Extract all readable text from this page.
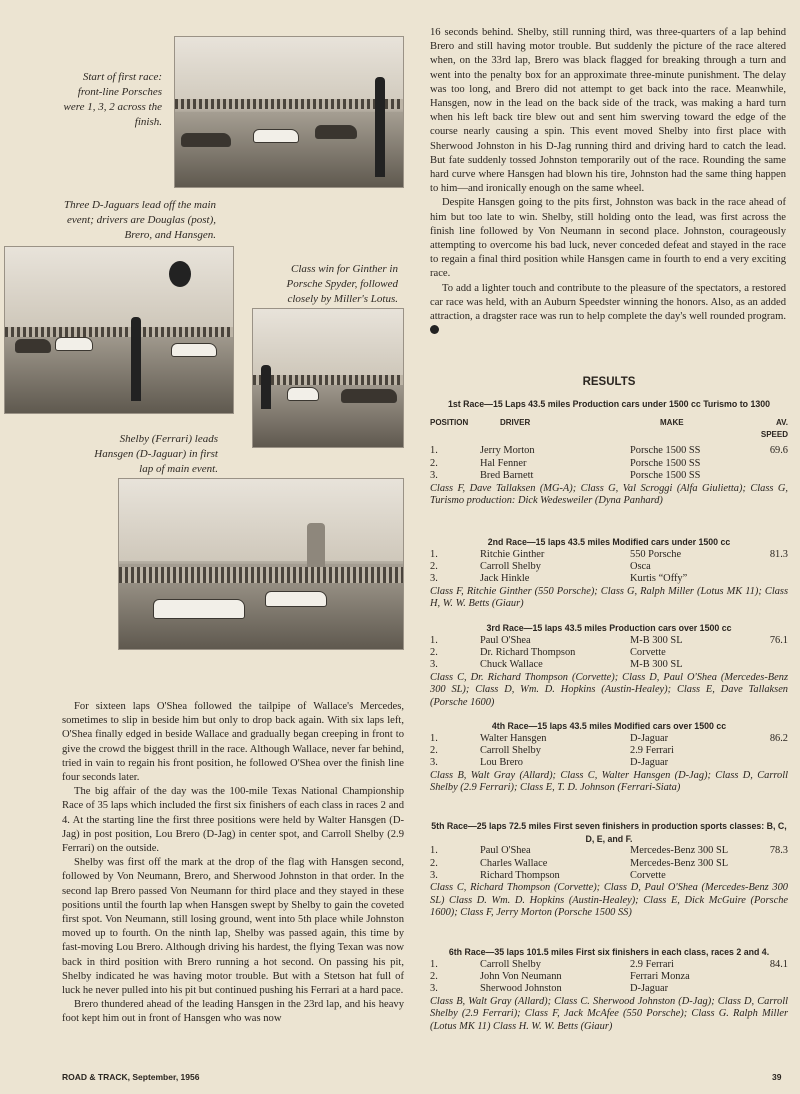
Start of first race: front-line Porsches were 1, 3, 2 across the finish.
Three D-Jaguars lead off the main event; drivers are Douglas (post), Brero, and Hansgen.
Class win for Ginther in Porsche Spyder, followed closely by Miller's Lotus.
Shelby (Ferrari) leads Hansgen (D-Jaguar) in first lap of main event.

For sixteen laps O'Shea followed the tailpipe of Wallace's Mercedes, sometimes to slip in beside him but only to drop back again. With six laps left, O'Shea finally edged in beside Wallace and gradually began creeping in front to give the crowd the biggest thrill in the race. Although Wallace, never far behind, tried in vain to regain his front position, he followed O'Shea over the finish line four seconds later.

The big affair of the day was the 100-mile Texas National Championship Race of 35 laps which included the first six finishers of each class in races 2 and 4. At the starting line the first three positions were held by Walter Hansgen (D-Jag) in post position, Lou Brero (D-Jag) in center spot, and Carroll Shelby (2.9 Ferrari) on the outside.

Shelby was first off the mark at the drop of the flag with Hansgen second, followed by Von Neumann, Brero, and Sherwood Johnston in that order. In the second lap Brero passed Von Neumann for third place and they stayed in these positions until the fourth lap when Hansgen swept by Shelby to gain the coveted first spot. Von Neumann, still losing ground, went into 5th place while Johnston moved up to fourth. On the ninth lap, Shelby was passed again, this time by fast-moving Lou Brero. Although driving his hardest, the flying Texan was now back in third position with Brero running a hot second. On passing his pit, Shelby indicated he was having motor trouble. But with a Stetson hat full of luck he never pulled into his pit but continued pushing his Ferrari at a hard pace.

Brero thundered ahead of the leading Hansgen in the 23rd lap, and his heavy foot kept him out in front of Hansgen who was now

16 seconds behind. Shelby, still running third, was three-quarters of a lap behind Brero and still having motor trouble. But suddenly the picture of the race altered when, on the 33rd lap, Brero was black flagged for breaking through a turn and went into the penalty box for an approximate three-minute punishment. The delay was too long, and Brero did not attempt to get back into the race. Meanwhile, Hansgen, now in the lead on the back side of the track, was making a hard turn when his left back tire blew out and sent him swerving toward the edge of the course nearly causing a spin. This event moved Shelby into first place with Sherwood Johnston in his D-Jag running third and driving hard to catch the lead. But fate suddenly tossed Johnston temporarily out of the race. Rounding the same hard curve where Hansgen had blown his tire, Johnston had the same thing happen to him—and ironically enough on the same wheel.

Despite Hansgen going to the pits first, Johnston was back in the race ahead of him but too late to win. Shelby, still holding onto the lead, was first across the finish line followed by Von Neumann in second place. Johnston, courageously attempting to overcome his bad luck, never conceded defeat and stayed in the race to regain a final third position while Hansgen came in fourth to end a very exciting race.

To add a lighter touch and contribute to the pleasure of the spectators, a restored car race was held, with an Auburn Speedster winning the honors. Also, as an added attraction, a dragster race was run to help complete the day's well rounded program.

RESULTS
1st Race—15 Laps 43.5 miles Production cars under 1500 cc Turismo to 1300
POSITION	DRIVER	MAKE	AV. SPEED
1.	Jerry Morton	Porsche 1500 SS	69.6
2.	Hal Fenner	Porsche 1500 SS
3.	Bred Barnett	Porsche 1500 SS
Class F, Dave Tallaksen (MG-A); Class G, Val Scroggi (Alfa Giulietta); Class G, Turismo production: Dick Wedesweiler (Dyna Panhard)
2nd Race—15 laps 43.5 miles Modified cars under 1500 cc
1.	Ritchie Ginther	550 Porsche	81.3
2.	Carroll Shelby	Osca
3.	Jack Hinkle	Kurtis “Offy”
Class F, Ritchie Ginther (550 Porsche); Class G, Ralph Miller (Lotus MK 11); Class H, W. W. Betts (Giaur)
3rd Race—15 laps 43.5 miles Production cars over 1500 cc
1.	Paul O'Shea	M-B 300 SL	76.1
2.	Dr. Richard Thompson	Corvette
3.	Chuck Wallace	M-B 300 SL
Class C, Dr. Richard Thompson (Corvette); Class D, Paul O'Shea (Mercedes-Benz 300 SL); Class D, Wm. D. Hopkins (Austin-Healey); Class E, Dave Tallaksen (Porsche 1600)
4th Race—15 laps 43.5 miles Modified cars over 1500 cc
1.	Walter Hansgen	D-Jaguar	86.2
2.	Carroll Shelby	2.9 Ferrari
3.	Lou Brero	D-Jaguar
Class B, Walt Gray (Allard); Class C, Walter Hansgen (D-Jag); Class D, Carroll Shelby (2.9 Ferrari); Class E, T. D. Johnson (Ferrari-Siata)
5th Race—25 laps 72.5 miles First seven finishers in production sports classes: B, C, D, E, and F.
1.	Paul O'Shea	Mercedes-Benz 300 SL	78.3
2.	Charles Wallace	Mercedes-Benz 300 SL
3.	Richard Thompson	Corvette
Class C, Richard Thompson (Corvette); Class D, Paul O'Shea (Mercedes-Benz 300 SL) Class D. Wm. D. Hopkins (Austin-Healey); Class E, Dick McGuire (Porsche 1600); Class F, Jerry Morton (Porsche 1500 SS)
6th Race—35 laps 101.5 miles First six finishers in each class, races 2 and 4.
1.	Carroll Shelby	2.9 Ferrari	84.1
2.	John Von Neumann	Ferrari Monza
3.	Sherwood Johnston	D-Jaguar
Class B, Walt Gray (Allard); Class C. Sherwood Johnston (D-Jag); Class D, Carroll Shelby (2.9 Ferrari); Class F, Jack McAfee (550 Porsche); Class G. Ralph Miller (Lotus MK 11) Class H. W. W. Betts (Giaur)
ROAD & TRACK, September, 1956	39
